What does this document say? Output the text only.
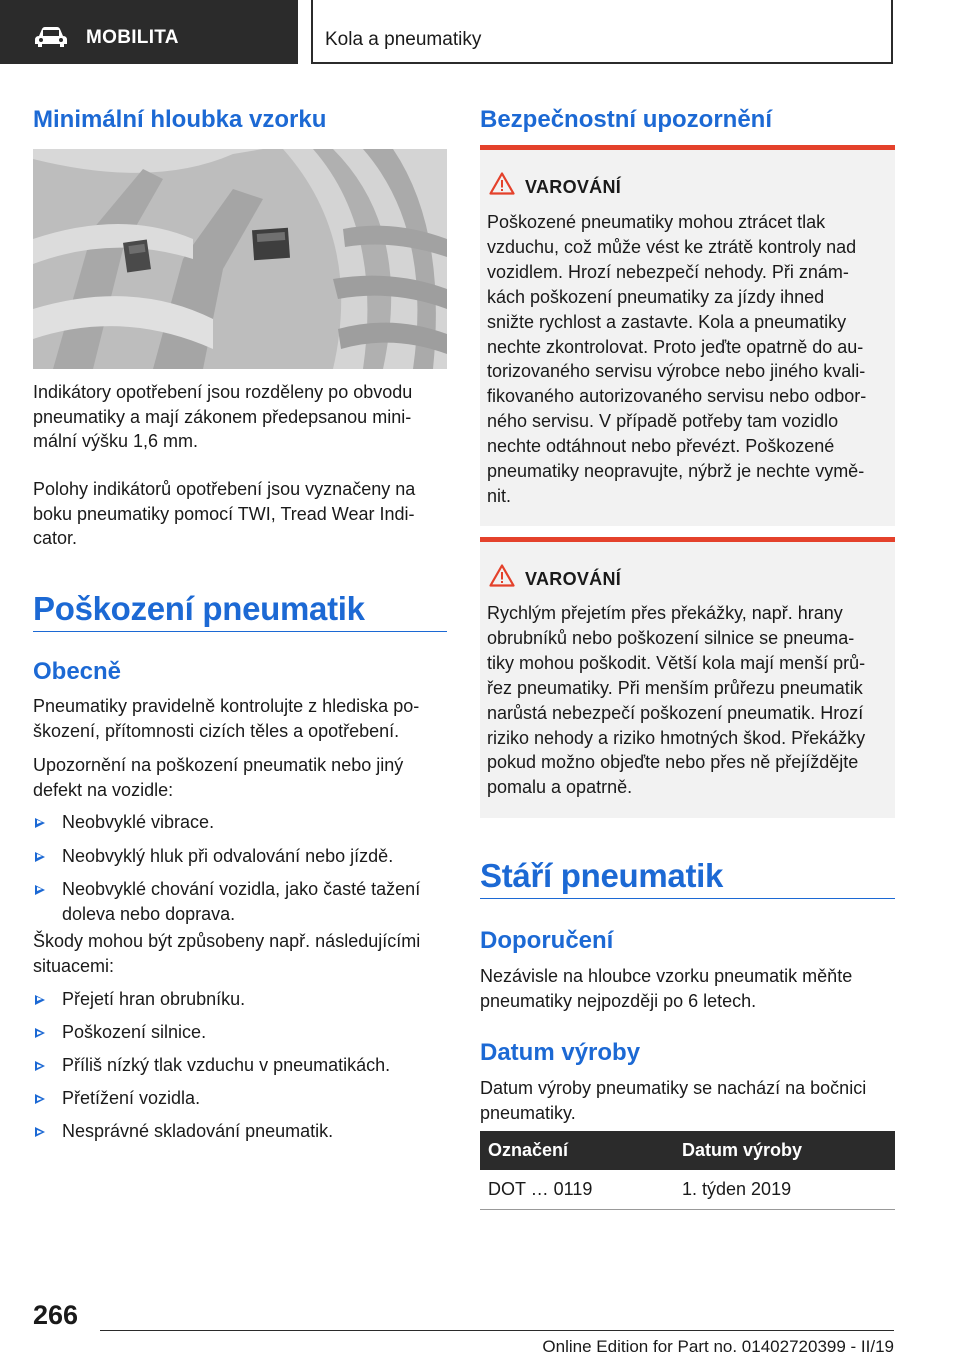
MOBILITA	Kola a pneumatiky
Minimální hloubka vzorku

Indikátory opotřebení jsou rozděleny po obvodu
pneumatiky a mají zákonem předepsanou mini-
mální výšku 1,6 mm.

Polohy indikátorů opotřebení jsou vyznačeny na
boku pneumatiky pomocí TWI, Tread Wear Indi-
cator.

Poškození pneumatik
Obecně

Pneumatiky pravidelně kontrolujte z hlediska po-
škození, přítomnosti cizích těles a opotřebení.

Upozornění na poškození pneumatik nebo jiný
defekt na vozidle:

Neobvyklé vibrace.
Neobvyklý hluk při odvalování nebo jízdě.
Neobvyklé chování vozidla, jako časté tažení
doleva nebo doprava.

Škody mohou být způsobeny např. následujícími
situacemi:

Přejetí hran obrubníku.
Poškození silnice.
Příliš nízký tlak vzduchu v pneumatikách.
Přetížení vozidla.
Nesprávné skladování pneumatik.
Bezpečnostní upozornění
VAROVÁNÍ

Poškozené pneumatiky mohou ztrácet tlak
vzduchu, což může vést ke ztrátě kontroly nad
vozidlem. Hrozí nebezpečí nehody. Při znám-
kách poškození pneumatiky za jízdy ihned
snižte rychlost a zastavte. Kola a pneumatiky
nechte zkontrolovat. Proto jeďte opatrně do au-
torizovaného servisu výrobce nebo jiného kvali-
fikovaného autorizovaného servisu nebo odbor-
ného servisu. V případě potřeby tam vozidlo
nechte odtáhnout nebo převézt. Poškozené
pneumatiky neopravujte, nýbrž je nechte vymě-
nit.

VAROVÁNÍ

Rychlým přejetím přes překážky, např. hrany
obrubníků nebo poškození silnice se pneuma-
tiky mohou poškodit. Větší kola mají menší prů-
řez pneumatiky. Při menším průřezu pneumatik
narůstá nebezpečí poškození pneumatik. Hrozí
riziko nehody a riziko hmotných škod. Překážky
pokud možno objeďte nebo přes ně přejíždějte
pomalu a opatrně.

Stáří pneumatik
Doporučení

Nezávisle na hloubce vzorku pneumatik měňte
pneumatiky nejpozději po 6 letech.

Datum výroby

Datum výroby pneumatiky se nachází na bočnici
pneumatiky.

Označení	Datum výroby
DOT … 0119	1. týden 2019
266
Online Edition for Part no. 01402720399 - II/19
